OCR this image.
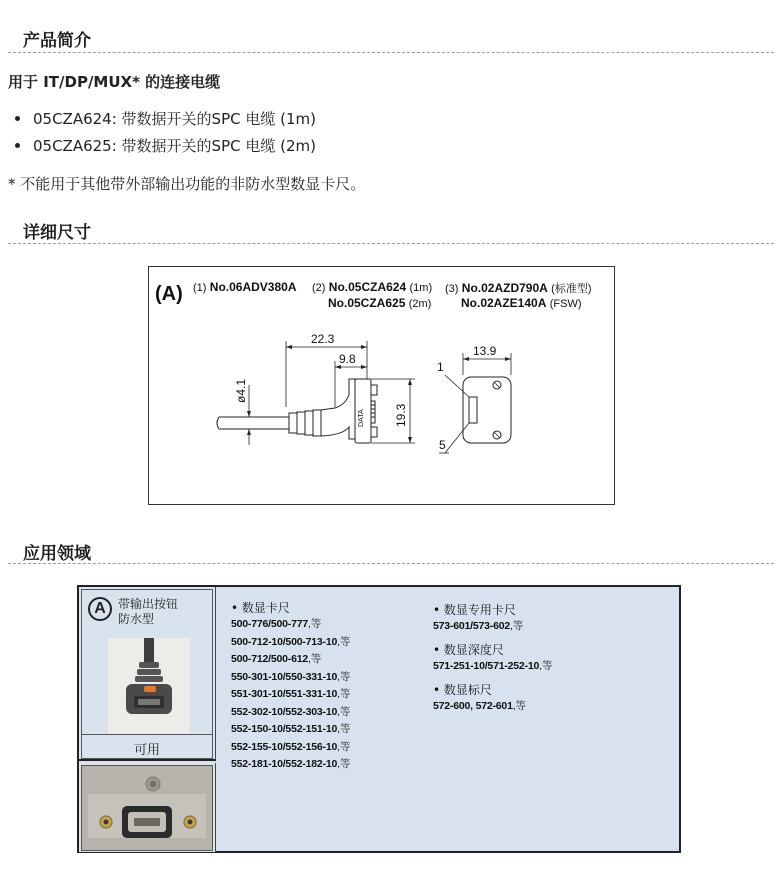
产品简介
用于 IT/DP/MUX* 的连接电缆
05CZA624: 带数据开关的SPC 电缆 (1m)
05CZA625: 带数据开关的SPC 电缆 (2m)
* 不能用于其他带外部输出功能的非防水型数显卡尺。
详细尺寸
(A) (1) No.06ADV380A (2) No.05CZA624 (1m)
No.05CZA625 (2m)
(3) No.02AZD790A (标准型)
No.02AZE140A (FSW)
22.3
9.8
ø4.1
19.3
13.9
1
5
DATA
应用领域
A	带输出按钮
防水型
可用
• 数显卡尺
500-776/500-777,等
500-712-10/500-713-10,等
500-712/500-612,等
550-301-10/550-331-10,等
551-301-10/551-331-10,等
552-302-10/552-303-10,等
552-150-10/552-151-10,等
552-155-10/552-156-10,等
552-181-10/552-182-10,等
• 数显专用卡尺
573-601/573-602,等
• 数显深度尺
571-251-10/571-252-10,等
• 数显标尺
572-600, 572-601,等
